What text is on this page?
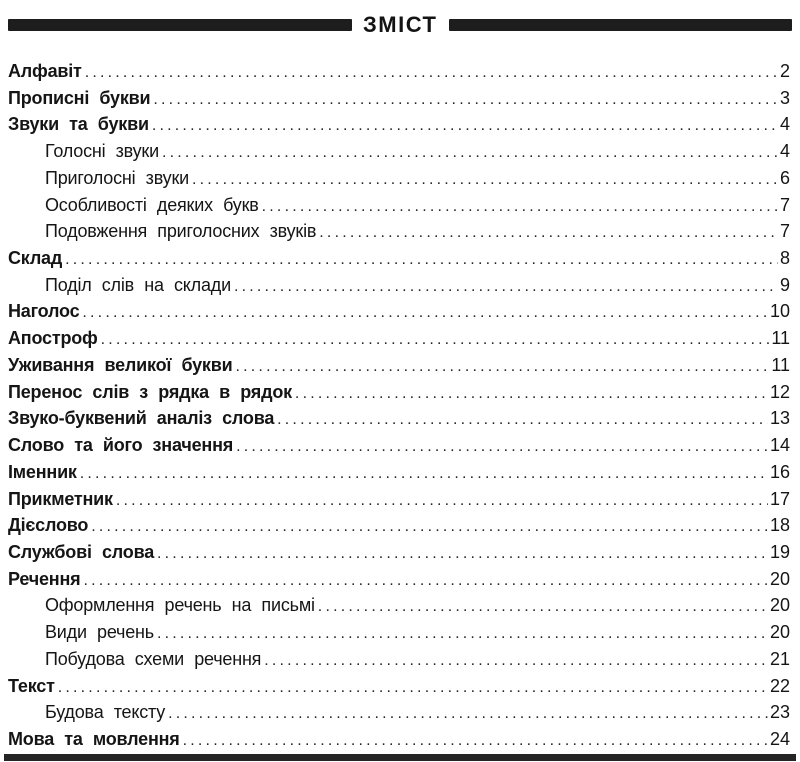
ЗМІСТ
Алфавіт .....	2
Прописні букви .....	3
Звуки та букви .....	4
Голосні звуки .....	4
Приголосні звуки .....	6
Особливості деяких букв .....	7
Подовження приголосних звуків .....	7
Склад .....	8
Поділ слів на склади .....	9
Наголос .....	10
Апостроф .....	11
Уживання великої букви .....	11
Перенос слів з рядка в рядок .....	12
Звуко-буквений аналіз слова .....	13
Слово та його значення .....	14
Іменник .....	16
Прикметник .....	17
Дієслово .....	18
Службові слова .....	19
Речення .....	20
Оформлення речень на письмі .....	20
Види речень .....	20
Побудова схеми речення .....	21
Текст .....	22
Будова тексту .....	23
Мова та мовлення .....	24
